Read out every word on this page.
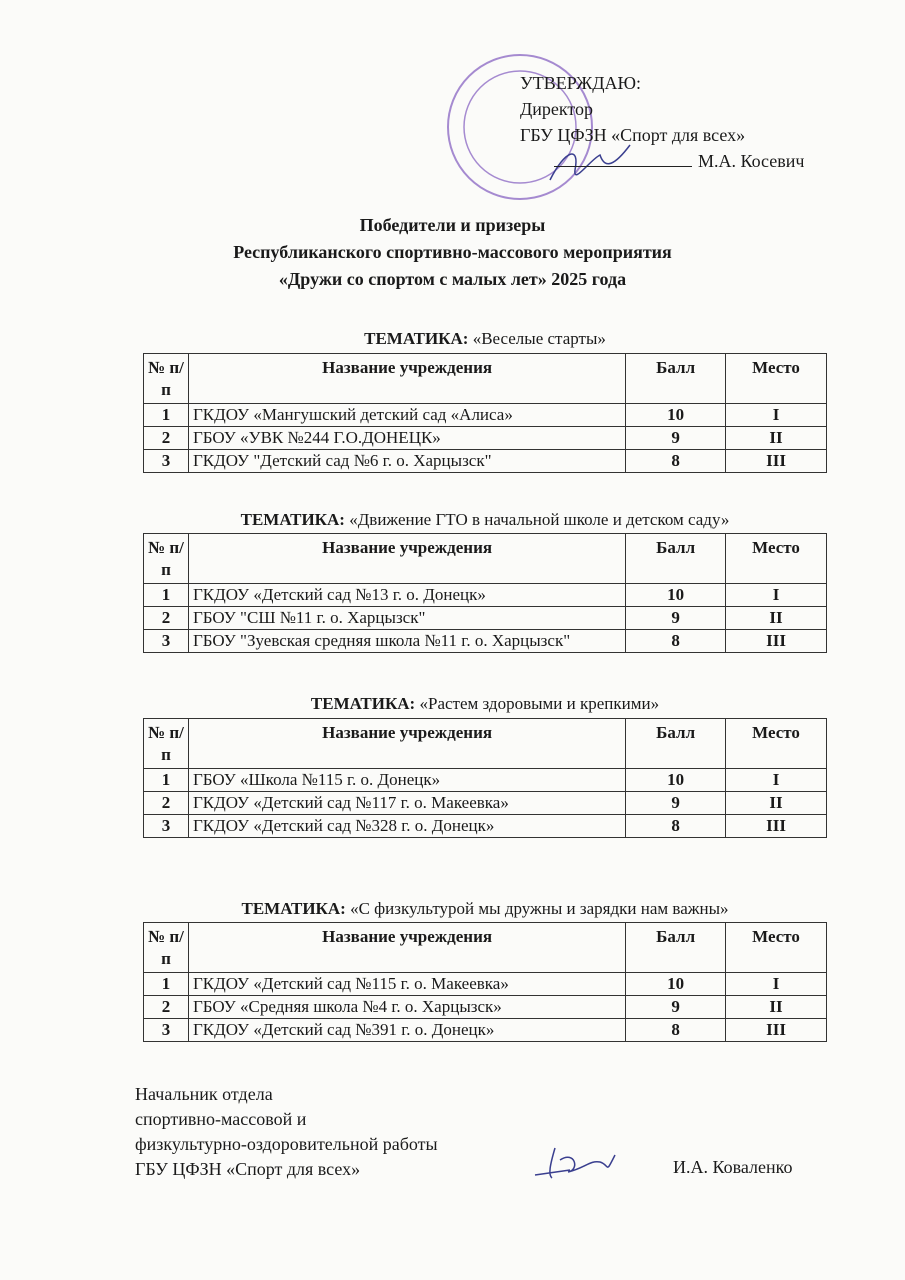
УТВЕРЖДАЮ:
Директор
ГБУ ЦФЗН «Спорт для всех»
М.А. Косевич
Победители и призеры
Республиканского спортивно-массового мероприятия
«Дружи со спортом с малых лет» 2025 года
ТЕМАТИКА: «Веселые старты»
№ п/п	Название учреждения	Балл	Место
1	ГКДОУ «Мангушский детский сад «Алиса»	10	I
2	ГБОУ «УВК №244 Г.О.ДОНЕЦК»	9	II
3	ГКДОУ "Детский сад №6 г. о. Харцызск"	8	III
ТЕМАТИКА: «Движение ГТО в начальной школе и детском саду»
№ п/п	Название учреждения	Балл	Место
1	ГКДОУ «Детский сад №13 г. о. Донецк»	10	I
2	ГБОУ "СШ №11 г. о. Харцызск"	9	II
3	ГБОУ "Зуевская средняя школа №11 г. о. Харцызск"	8	III
ТЕМАТИКА: «Растем здоровыми и крепкими»
№ п/п	Название учреждения	Балл	Место
1	ГБОУ «Школа №115 г. о. Донецк»	10	I
2	ГКДОУ «Детский сад №117 г. о. Макеевка»	9	II
3	ГКДОУ «Детский сад №328 г. о. Донецк»	8	III
ТЕМАТИКА: «С физкультурой мы дружны и зарядки нам важны»
№ п/п	Название учреждения	Балл	Место
1	ГКДОУ «Детский сад №115 г. о. Макеевка»	10	I
2	ГБОУ «Средняя школа №4 г. о. Харцызск»	9	II
3	ГКДОУ «Детский сад №391 г. о. Донецк»	8	III
Начальник отдела
спортивно-массовой и
физкультурно-оздоровительной работы
ГБУ ЦФЗН «Спорт для всех»	И.А. Коваленко
